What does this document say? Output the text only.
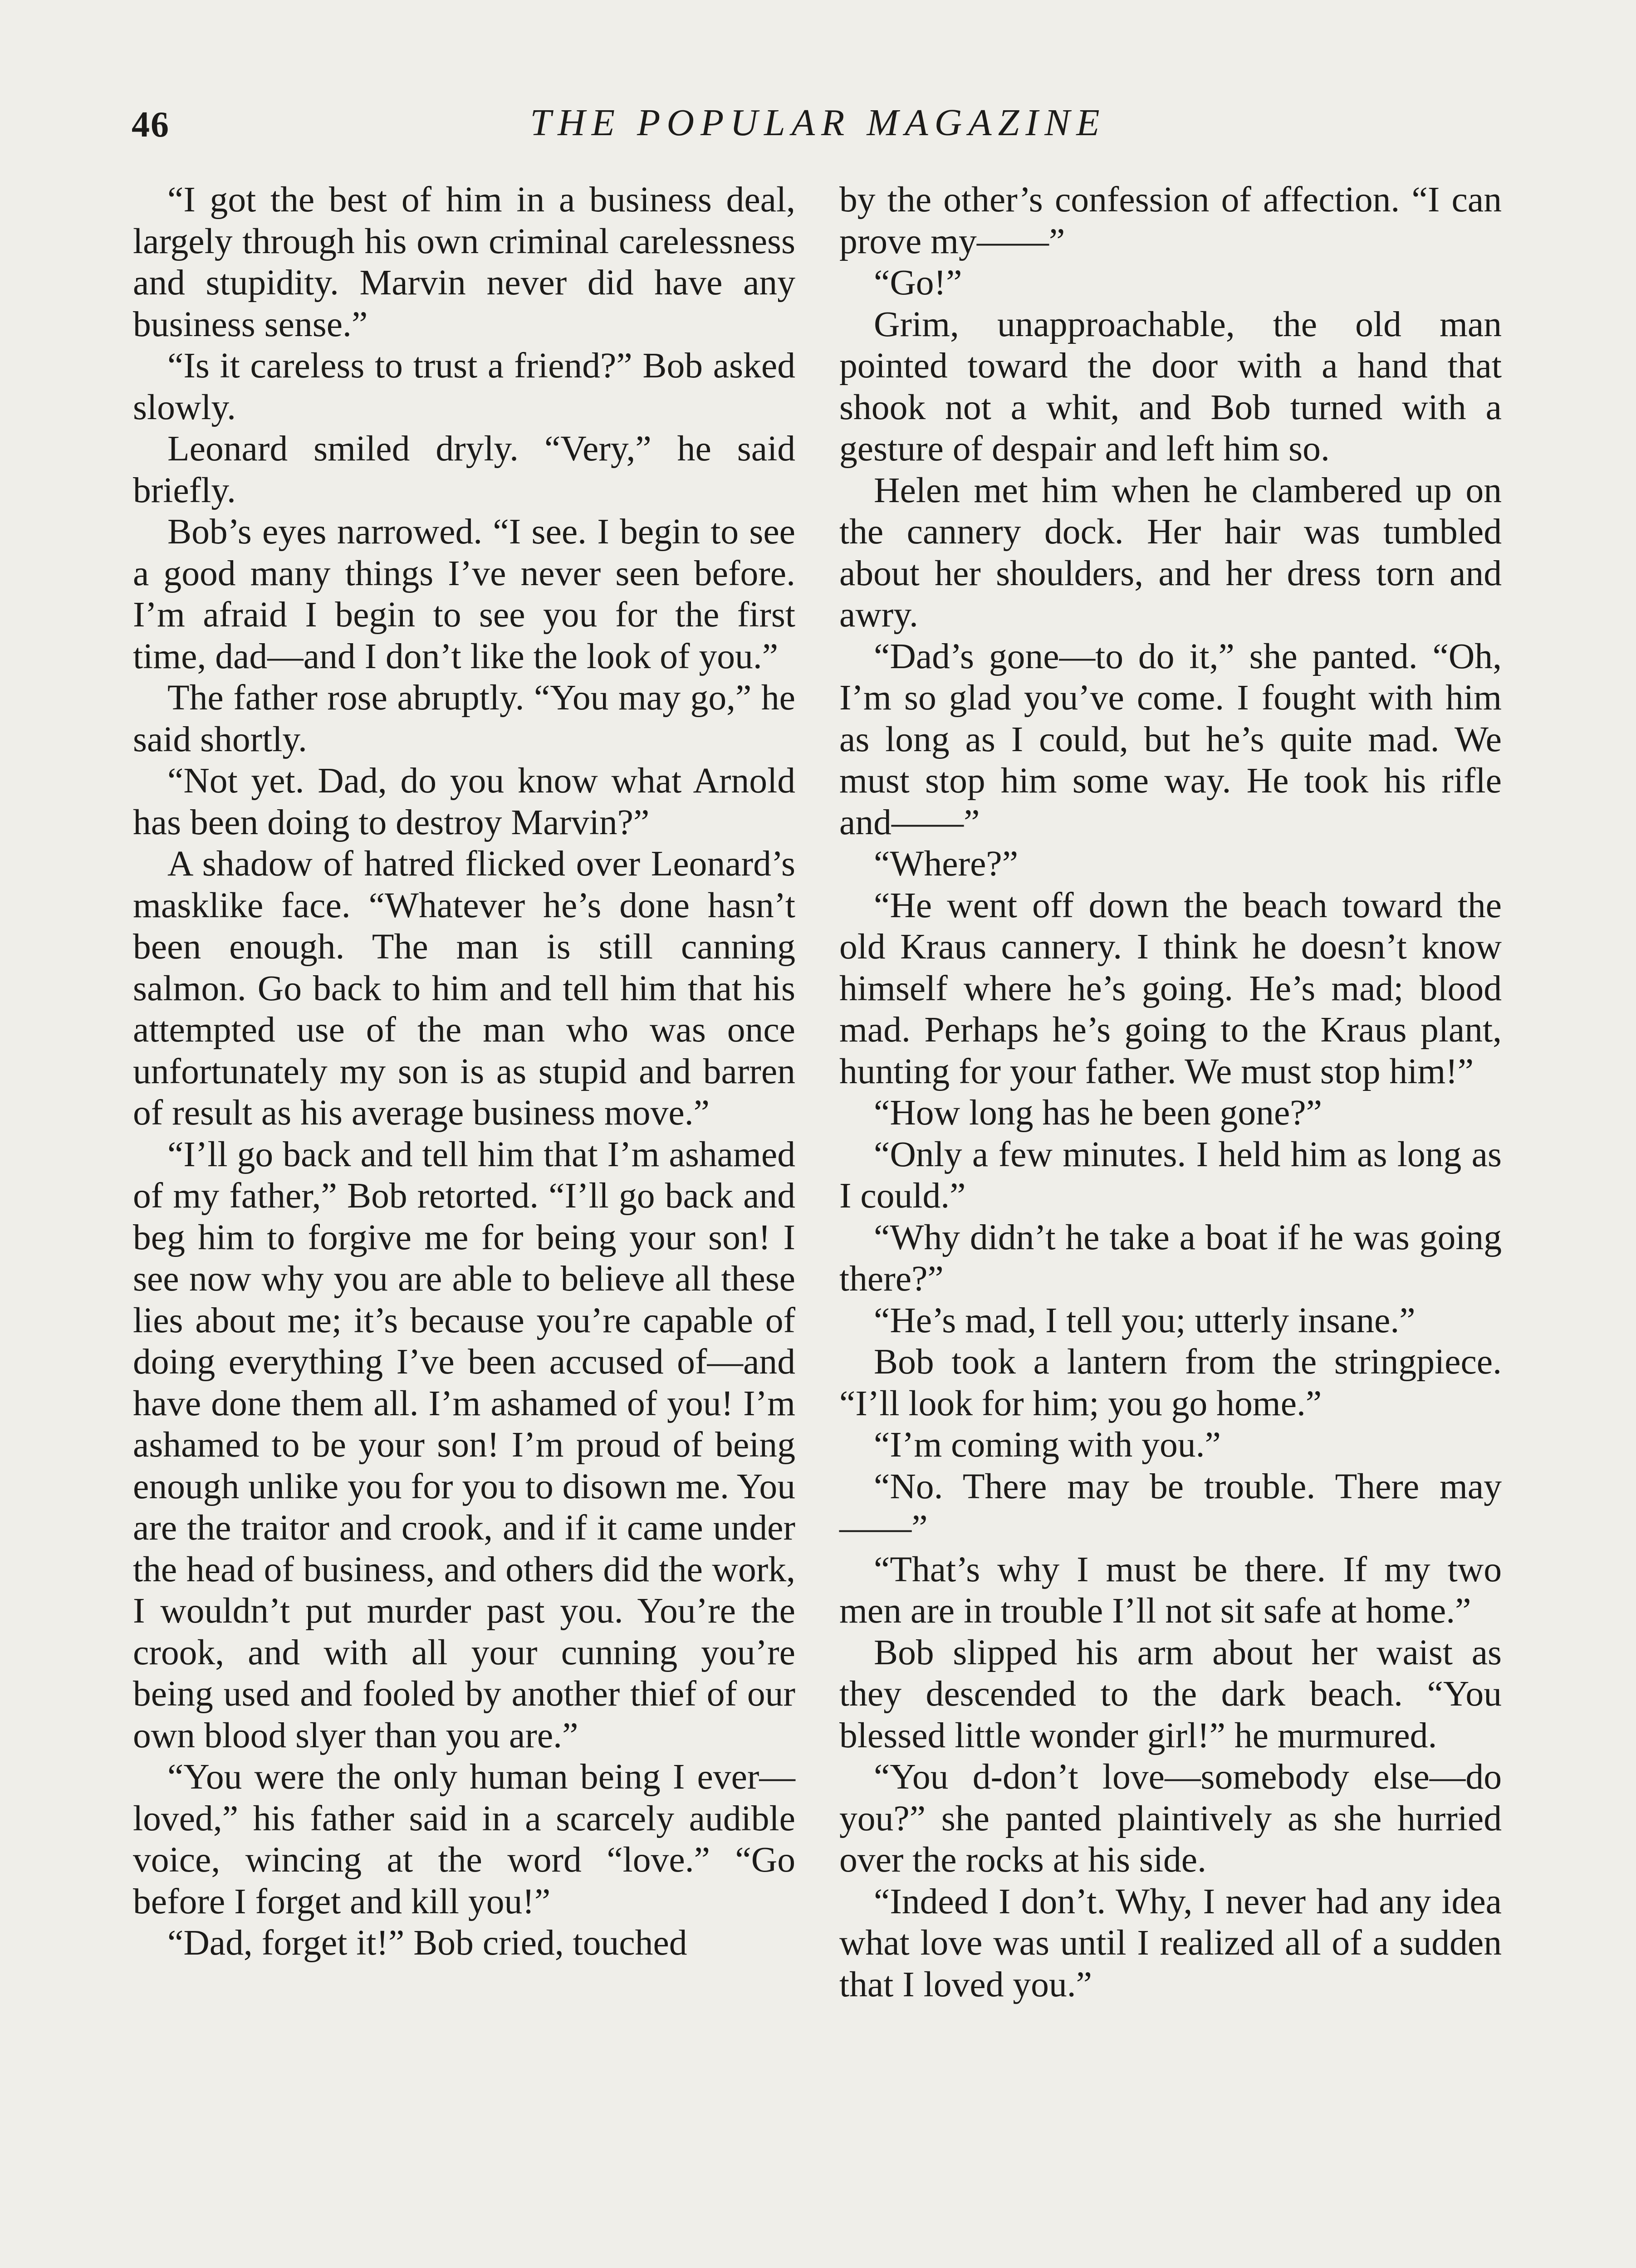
46	THE POPULAR MAGAZINE

“I got the best of him in a business deal, largely through his own criminal carelessness and stupidity. Marvin never did have any business sense.”

“Is it careless to trust a friend?” Bob asked slowly.

Leonard smiled dryly. “Very,” he said briefly.

Bob’s eyes narrowed. “I see. I begin to see a good many things I’ve never seen before. I’m afraid I begin to see you for the first time, dad—and I don’t like the look of you.”

The father rose abruptly. “You may go,” he said shortly.

“Not yet. Dad, do you know what Arnold has been doing to destroy Marvin?”

A shadow of hatred flicked over Leonard’s masklike face. “Whatever he’s done hasn’t been enough. The man is still canning salmon. Go back to him and tell him that his attempted use of the man who was once unfortunately my son is as stupid and barren of result as his average business move.”

“I’ll go back and tell him that I’m ashamed of my father,” Bob retorted. “I’ll go back and beg him to forgive me for being your son! I see now why you are able to believe all these lies about me; it’s because you’re capable of doing everything I’ve been accused of—and have done them all. I’m ashamed of you! I’m ashamed to be your son! I’m proud of being enough unlike you for you to disown me. You are the traitor and crook, and if it came under the head of business, and others did the work, I wouldn’t put murder past you. You’re the crook, and with all your cunning you’re being used and fooled by another thief of our own blood slyer than you are.”

“You were the only human being I ever—loved,” his father said in a scarcely audible voice, wincing at the word “love.” “Go before I forget and kill you!”

“Dad, forget it!” Bob cried, touched

by the other’s confession of affection. “I can prove my——”

“Go!”

Grim, unapproachable, the old man pointed toward the door with a hand that shook not a whit, and Bob turned with a gesture of despair and left him so.

Helen met him when he clambered up on the cannery dock. Her hair was tumbled about her shoulders, and her dress torn and awry.

“Dad’s gone—to do it,” she panted. “Oh, I’m so glad you’ve come. I fought with him as long as I could, but he’s quite mad. We must stop him some way. He took his rifle and——”

“Where?”

“He went off down the beach toward the old Kraus cannery. I think he doesn’t know himself where he’s going. He’s mad; blood mad. Perhaps he’s going to the Kraus plant, hunting for your father. We must stop him!”

“How long has he been gone?”

“Only a few minutes. I held him as long as I could.”

“Why didn’t he take a boat if he was going there?”

“He’s mad, I tell you; utterly insane.”

Bob took a lantern from the stringpiece. “I’ll look for him; you go home.”

“I’m coming with you.”

“No. There may be trouble. There may——”

“That’s why I must be there. If my two men are in trouble I’ll not sit safe at home.”

Bob slipped his arm about her waist as they descended to the dark beach. “You blessed little wonder girl!” he murmured.

“You d-don’t love—somebody else—do you?” she panted plaintively as she hurried over the rocks at his side.

“Indeed I don’t. Why, I never had any idea what love was until I realized all of a sudden that I loved you.”
